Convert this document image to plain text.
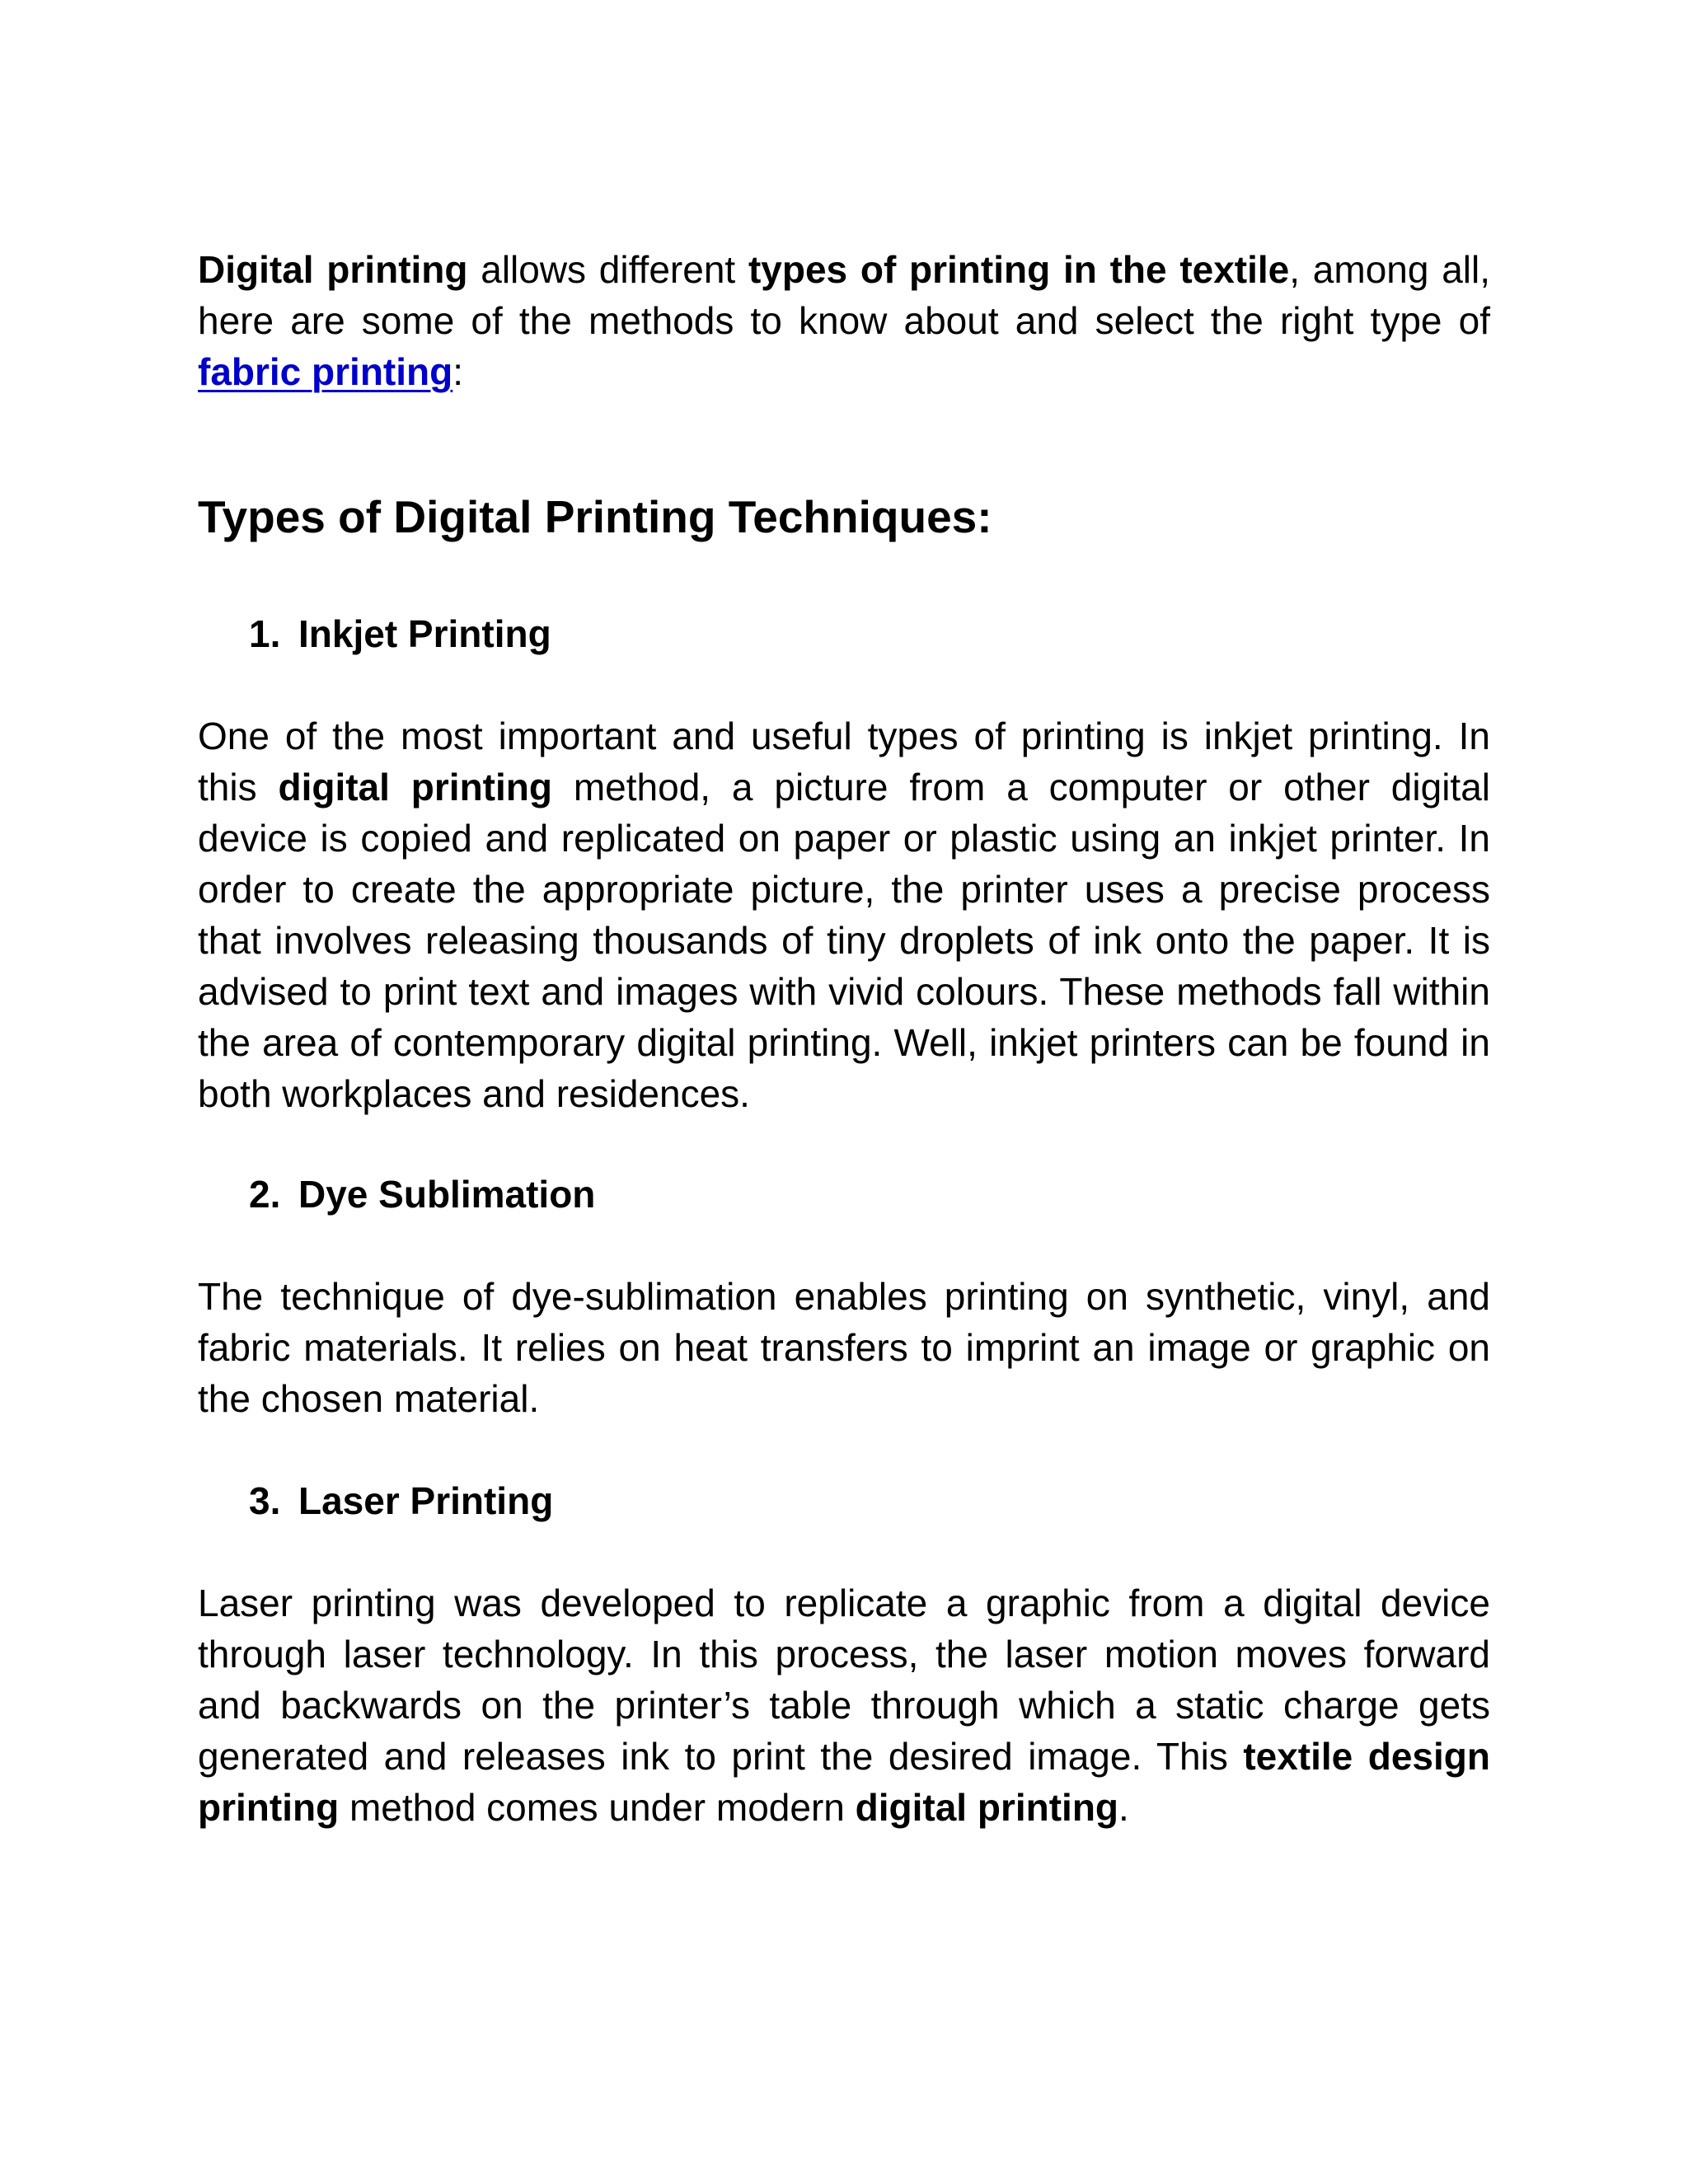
Digital printing allows different types of printing in the textile, among all, here are some of the methods to know about and select the right type of fabric printing:

Types of Digital Printing Techniques:
1. Inkjet Printing

One of the most important and useful types of printing is inkjet printing. In this digital printing method, a picture from a computer or other digital device is copied and replicated on paper or plastic using an inkjet printer. In order to create the appropriate picture, the printer uses a precise process that involves releasing thousands of tiny droplets of ink onto the paper. It is advised to print text and images with vivid colours. These methods fall within the area of contemporary digital printing. Well, inkjet printers can be found in both workplaces and residences.

2. Dye Sublimation

The technique of dye-sublimation enables printing on synthetic, vinyl, and fabric materials. It relies on heat transfers to imprint an image or graphic on the chosen material.

3. Laser Printing

Laser printing was developed to replicate a graphic from a digital device through laser technology. In this process, the laser motion moves forward and backwards on the printer’s table through which a static charge gets generated and releases ink to print the desired image. This textile design printing method comes under modern digital printing.
